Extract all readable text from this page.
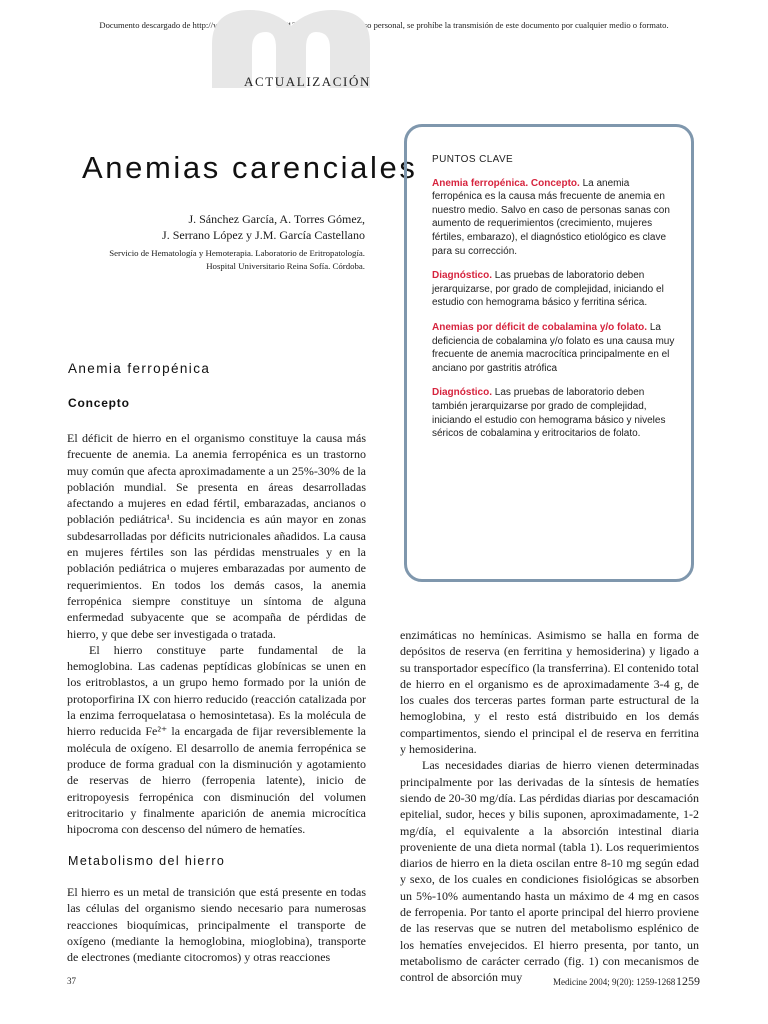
Documento descargado de http://www.doyma.es el 20/12/2007. Copia para uso personal, se prohíbe la transmisión de este documento por cualquier medio o formato.
ACTUALIZACIÓN
Anemias carenciales
J. Sánchez García, A. Torres Gómez,
J. Serrano López y J.M. García Castellano
Servicio de Hematología y Hemoterapia. Laboratorio de Eritropatología.
Hospital Universitario Reina Sofía. Córdoba.
PUNTOS CLAVE

Anemia ferropénica. Concepto. La anemia ferropénica es la causa más frecuente de anemia en nuestro medio. Salvo en caso de personas sanas con aumento de requerimientos (crecimiento, mujeres fértiles, embarazo), el diagnóstico etiológico es clave para su corrección.

Diagnóstico. Las pruebas de laboratorio deben jerarquizarse, por grado de complejidad, iniciando el estudio con hemograma básico y ferritina sérica.

Anemias por déficit de cobalamina y/o folato. La deficiencia de cobalamina y/o folato es una causa muy frecuente de anemia macrocítica principalmente en el anciano por gastritis atrófica

Diagnóstico. Las pruebas de laboratorio deben también jerarquizarse por grado de complejidad, iniciando el estudio con hemograma básico y niveles séricos de cobalamina y eritrocitarios de folato.

Anemia ferropénica
Concepto

El déficit de hierro en el organismo constituye la causa más frecuente de anemia. La anemia ferropénica es un trastorno muy común que afecta aproximadamente a un 25%-30% de la población mundial. Se presenta en áreas desarrolladas afectando a mujeres en edad fértil, embarazadas, ancianos o población pediátrica¹. Su incidencia es aún mayor en zonas subdesarrolladas por déficits nutricionales añadidos. La causa en mujeres fértiles son las pérdidas menstruales y en la población pediátrica o mujeres embarazadas por aumento de requerimientos. En todos los demás casos, la anemia ferropénica siempre constituye un síntoma de alguna enfermedad subyacente que se acompaña de pérdidas de hierro, y que debe ser investigada o tratada.

El hierro constituye parte fundamental de la hemoglobina. Las cadenas peptídicas globínicas se unen en los eritroblastos, a un grupo hemo formado por la unión de protoporfirina IX con hierro reducido (reacción catalizada por la enzima ferroquelatasa o hemosintetasa). Es la molécula de hierro reducida Fe²⁺ la encargada de fijar reversiblemente la molécula de oxígeno. El desarrollo de anemia ferropénica se produce de forma gradual con la disminución y agotamiento de reservas de hierro (ferropenia latente), inicio de eritropoyesis ferropénica con disminución del volumen eritrocitario y finalmente aparición de anemia microcítica hipocroma con descenso del número de hematíes.

Metabolismo del hierro

El hierro es un metal de transición que está presente en todas las células del organismo siendo necesario para numerosas reacciones bioquímicas, principalmente el transporte de oxígeno (mediante la hemoglobina, mioglobina), transporte de electrones (mediante citocromos) y otras reacciones

enzimáticas no hemínicas. Asimismo se halla en forma de depósitos de reserva (en ferritina y hemosiderina) y ligado a su transportador específico (la transferrina). El contenido total de hierro en el organismo es de aproximadamente 3-4 g, de los cuales dos terceras partes forman parte estructural de la hemoglobina, y el resto está distribuido en los demás compartimentos, siendo el principal el de reserva en ferritina y hemosiderina.

Las necesidades diarias de hierro vienen determinadas principalmente por las derivadas de la síntesis de hematíes siendo de 20-30 mg/día. Las pérdidas diarias por descamación epitelial, sudor, heces y bilis suponen, aproximadamente, 1-2 mg/día, el equivalente a la absorción intestinal diaria proveniente de una dieta normal (tabla 1). Los requerimientos diarios de hierro en la dieta oscilan entre 8-10 mg según edad y sexo, de los cuales en condiciones fisiológicas se absorben un 5%-10% aumentando hasta un máximo de 4 mg en casos de ferropenia. Por tanto el aporte principal del hierro proviene de las reservas que se nutren del metabolismo esplénico de los hematíes envejecidos. El hierro presenta, por tanto, un metabolismo de carácter cerrado (fig. 1) con mecanismos de control de absorción muy

37	Medicine 2004; 9(20): 1259-1268 1259
